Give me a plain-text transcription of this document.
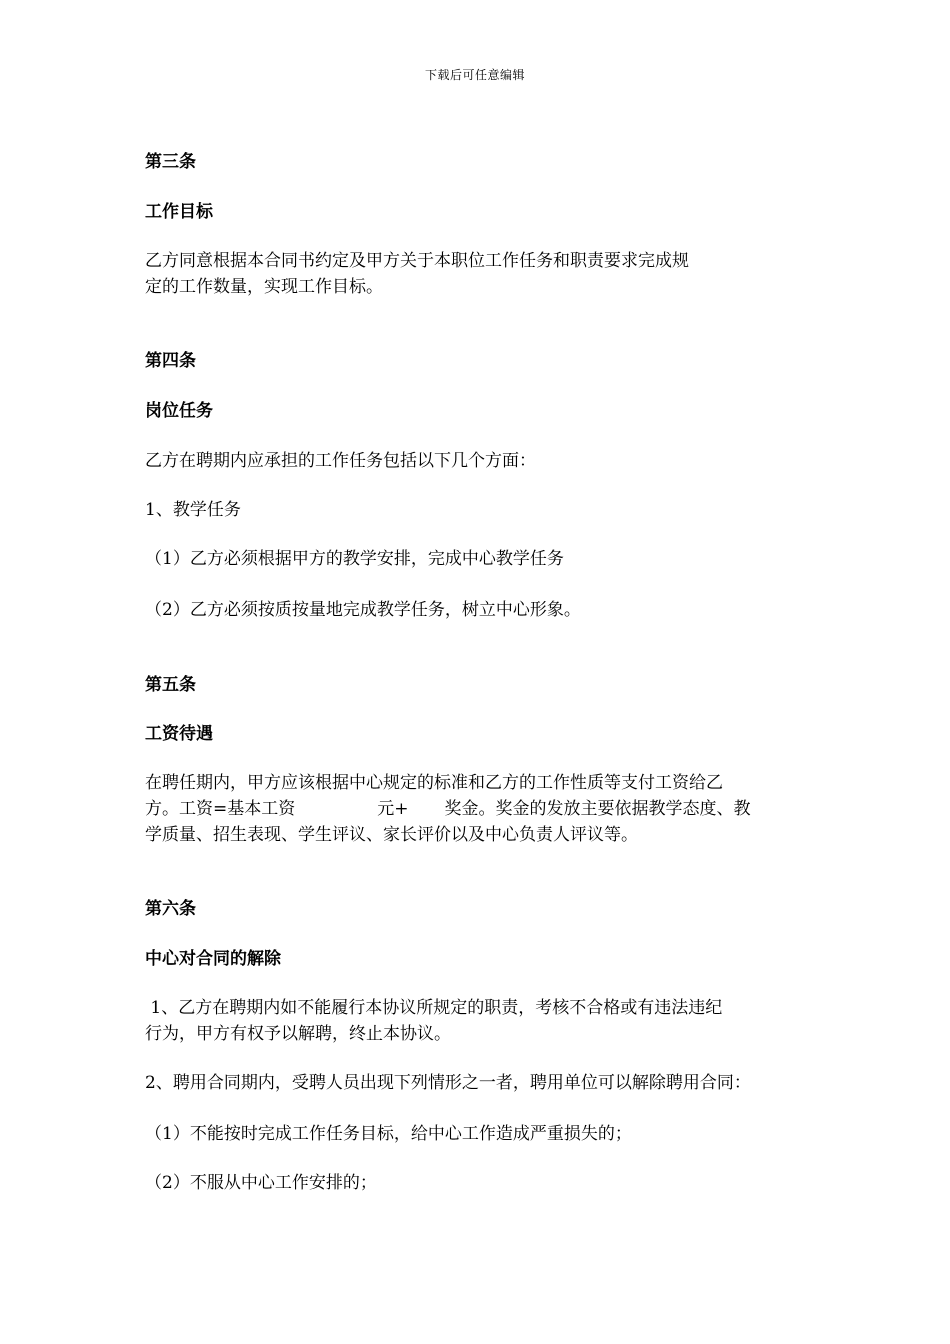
下载后可任意编辑
第三条
工作目标
乙方同意根据本合同书约定及甲方关于本职位工作任务和职责要求完成规
定的工作数量，实现工作目标。
第四条
岗位任务
乙方在聘期内应承担的工作任务包括以下几个方面：
1、教学任务
（1）乙方必须根据甲方的教学安排，完成中心教学任务
（2）乙方必须按质按量地完成教学任务，树立中心形象。
第五条
工资待遇
在聘任期内，甲方应该根据中心规定的标准和乙方的工作性质等支付工资给乙
方。工资=基本工资	元+ 奖金。奖金的发放主要依据教学态度、教
学质量、招生表现、学生评议、家长评价以及中心负责人评议等。
第六条
中心对合同的解除
1、乙方在聘期内如不能履行本协议所规定的职责，考核不合格或有违法违纪
行为，甲方有权予以解聘，终止本协议。
2、聘用合同期内，受聘人员出现下列情形之一者，聘用单位可以解除聘用合同：
（1）不能按时完成工作任务目标，给中心工作造成严重损失的；
（2）不服从中心工作安排的；
